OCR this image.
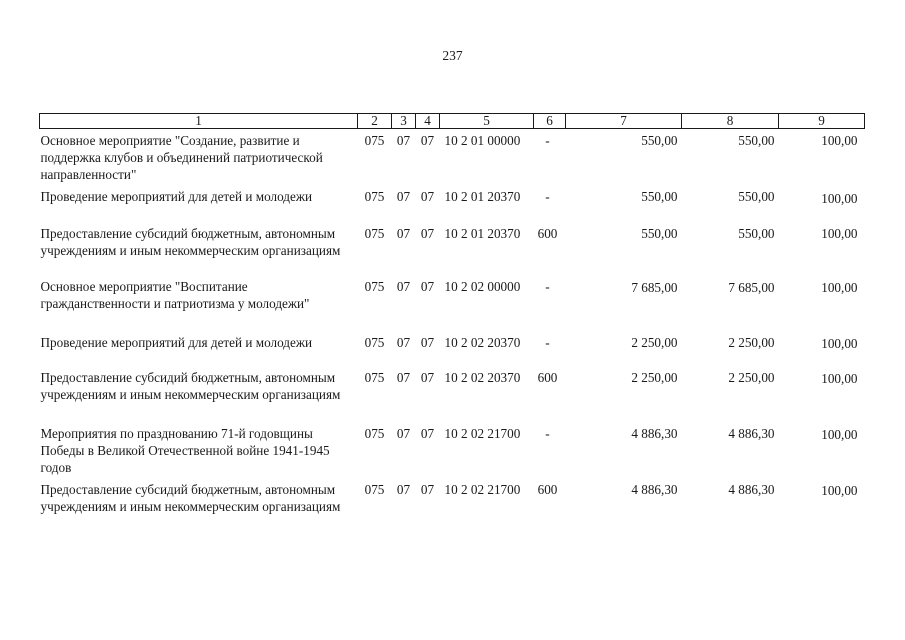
237
1	2	3	4	5	6	7	8	9
Основное мероприятие "Создание, развитие и поддержка клубов и объединений патриотической направленности"	075	07	07	10 2 01 00000	-	550,00	550,00	100,00
Проведение мероприятий для детей и молодежи	075	07	07	10 2 01 20370	-	550,00	550,00	100,00
Предоставление субсидий бюджетным, автономным учреждениям и иным некоммерческим организациям	075	07	07	10 2 01 20370	600	550,00	550,00	100,00
Основное мероприятие "Воспитание гражданственности и патриотизма у молодежи"	075	07	07	10 2 02 00000	-	7 685,00	7 685,00	100,00
Проведение мероприятий для детей и молодежи	075	07	07	10 2 02 20370	-	2 250,00	2 250,00	100,00
Предоставление субсидий бюджетным, автономным учреждениям и иным некоммерческим организациям	075	07	07	10 2 02 20370	600	2 250,00	2 250,00	100,00
Мероприятия по празднованию 71-й годовщины Победы в Великой Отечественной войне 1941-1945 годов	075	07	07	10 2 02 21700	-	4 886,30	4 886,30	100,00
Предоставление субсидий бюджетным, автономным учреждениям и иным некоммерческим организациям	075	07	07	10 2 02 21700	600	4 886,30	4 886,30	100,00
